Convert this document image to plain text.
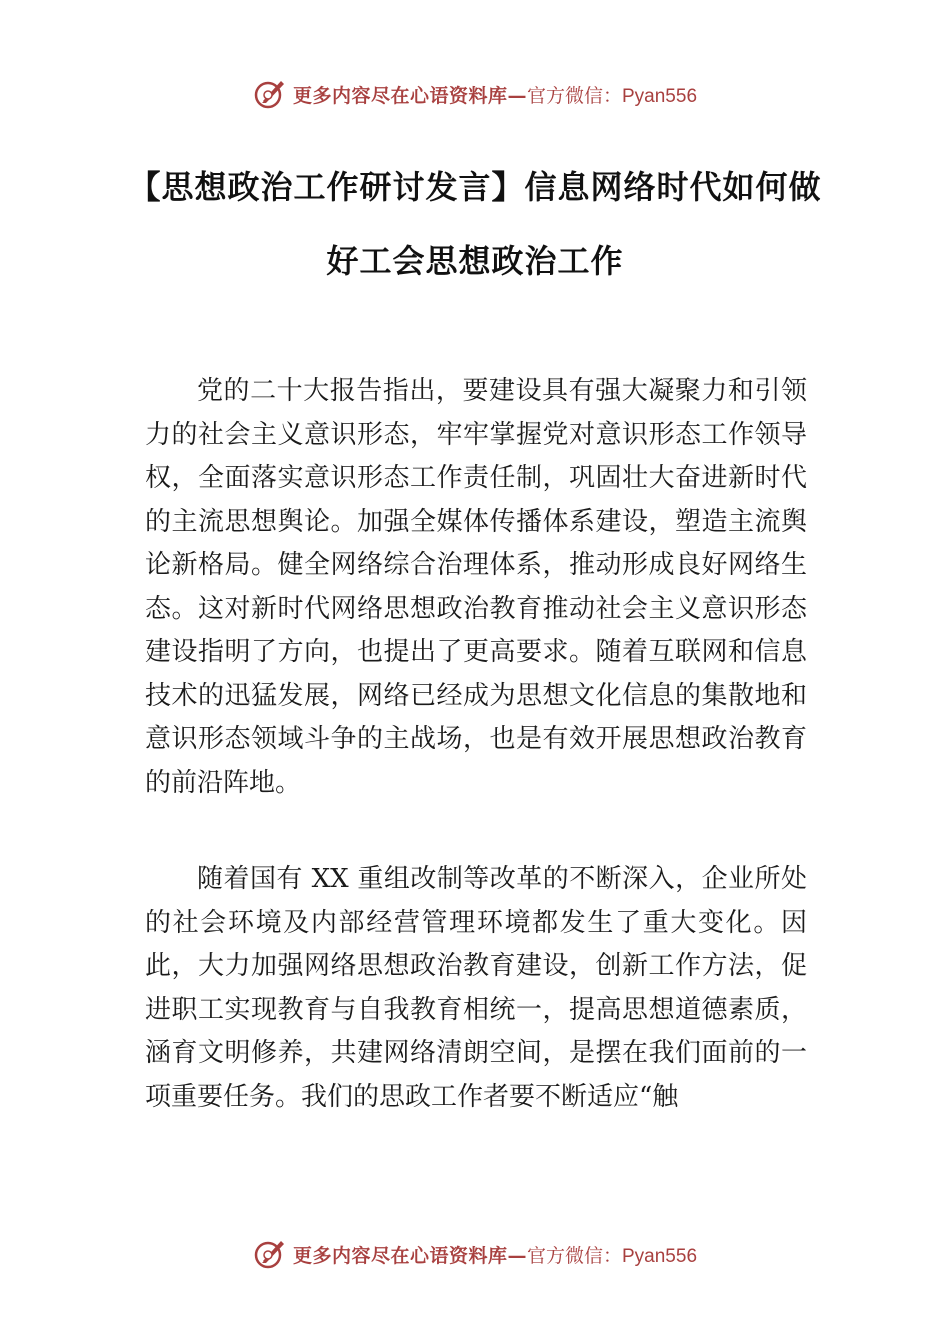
更多内容尽在心语资料库— 官方微信：Pyan556
【思想政治工作研讨发言】信息网络时代如何做好工会思想政治工作

党的二十大报告指出，要建设具有强大凝聚力和引领力的社会主义意识形态，牢牢掌握党对意识形态工作领导权，全面落实意识形态工作责任制，巩固壮大奋进新时代的主流思想舆论。加强全媒体传播体系建设，塑造主流舆论新格局。健全网络综合治理体系，推动形成良好网络生态。这对新时代网络思想政治教育推动社会主义意识形态建设指明了方向，也提出了更高要求。随着互联网和信息技术的迅猛发展，网络已经成为思想文化信息的集散地和意识形态领域斗争的主战场，也是有效开展思想政治教育的前沿阵地。

随着国有 XX 重组改制等改革的不断深入，企业所处的社会环境及内部经营管理环境都发生了重大变化。因此，大力加强网络思想政治教育建设，创新工作方法，促进职工实现教育与自我教育相统一，提高思想道德素质，涵育文明修养，共建网络清朗空间，是摆在我们面前的一项重要任务。我们的思政工作者要不断适应“触

更多内容尽在心语资料库— 官方微信：Pyan556
